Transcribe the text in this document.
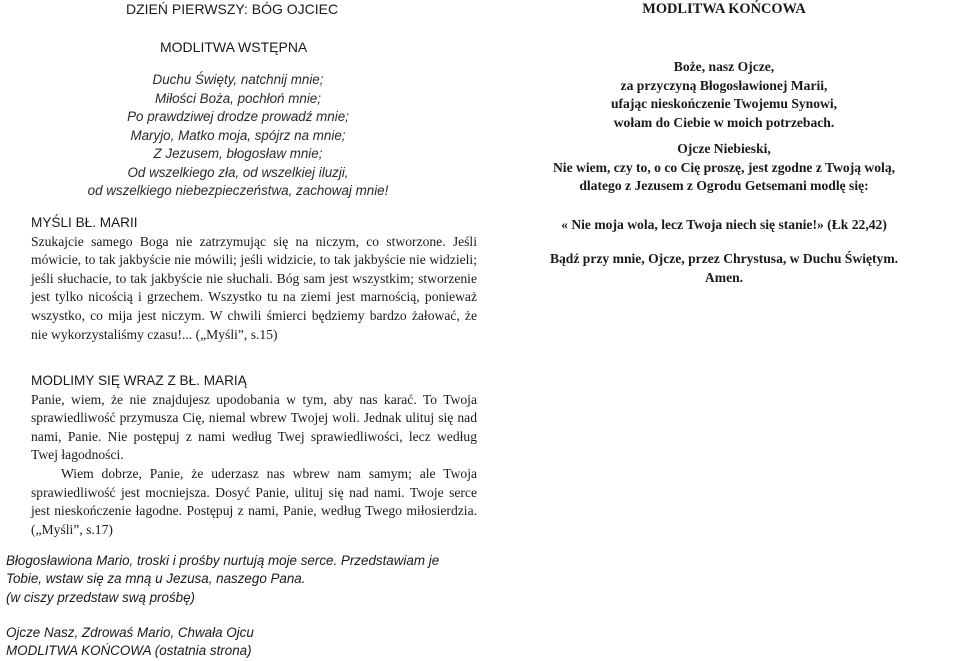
DZIEŃ PIERWSZY: BÓG OJCIEC
MODLITWA WSTĘPNA
Duchu Święty, natchnij mnie;
Miłości Boża, pochłoń mnie;
Po prawdziwej drodze prowadź mnie;
Maryjo, Matko moja, spójrz na mnie;
Z Jezusem, błogosław mnie;
Od wszelkiego zła, od wszelkiej iluzji,
od wszelkiego niebezpieczeństwa, zachowaj mnie!
MYŚLI BŁ. MARII

Szukajcie samego Boga nie zatrzymując się na niczym, co stworzone. Jeśli mówicie, to tak jakbyście nie mówili; jeśli widzicie, to tak jakbyście nie widzieli; jeśli słuchacie, to tak jakbyście nie słuchali. Bóg sam jest wszystkim; stworzenie jest tylko nicością i grzechem. Wszystko tu na ziemi jest marnością, ponieważ wszystko, co mija jest niczym. W chwili śmierci będziemy bardzo żałować, że nie wykorzystaliśmy czasu!... („Myśli”, s.15)

MODLIMY SIĘ WRAZ Z BŁ. MARIĄ

Panie, wiem, że nie znajdujesz upodobania w tym, aby nas karać. To Twoja sprawiedliwość przymusza Cię, niemal wbrew Twojej woli. Jednak ulituj się nad nami, Panie. Nie postępuj z nami według Twej sprawiedliwości, lecz według Twej łagodności.

Wiem dobrze, Panie, że uderzasz nas wbrew nam samym; ale Twoja sprawiedliwość jest mocniejsza. Dosyć Panie, ulituj się nad nami. Twoje serce jest nieskończenie łagodne. Postępuj z nami, Panie, według Twego miłosierdzia. („Myśli”, s.17)

Błogosławiona Mario, troski i prośby nurtują moje serce. Przedstawiam je
Tobie, wstaw się za mną u Jezusa, naszego Pana.
(w ciszy przedstaw swą prośbę)
Ojcze Nasz, Zdrowaś Mario, Chwała Ojcu
MODLITWA KOŃCOWA (ostatnia strona)
MODLITWA KOŃCOWA
Boże, nasz Ojcze,
za przyczyną Błogosławionej Marii,
ufając nieskończenie Twojemu Synowi,
wołam do Ciebie w moich potrzebach.
Ojcze Niebieski,
Nie wiem, czy to, o co Cię proszę, jest zgodne z Twoją wolą,
dlatego z Jezusem z Ogrodu Getsemani modlę się:
« Nie moja wola, lecz Twoja niech się stanie!» (Łk 22,42)
Bądź przy mnie, Ojcze, przez Chrystusa, w Duchu Świętym.
Amen.
